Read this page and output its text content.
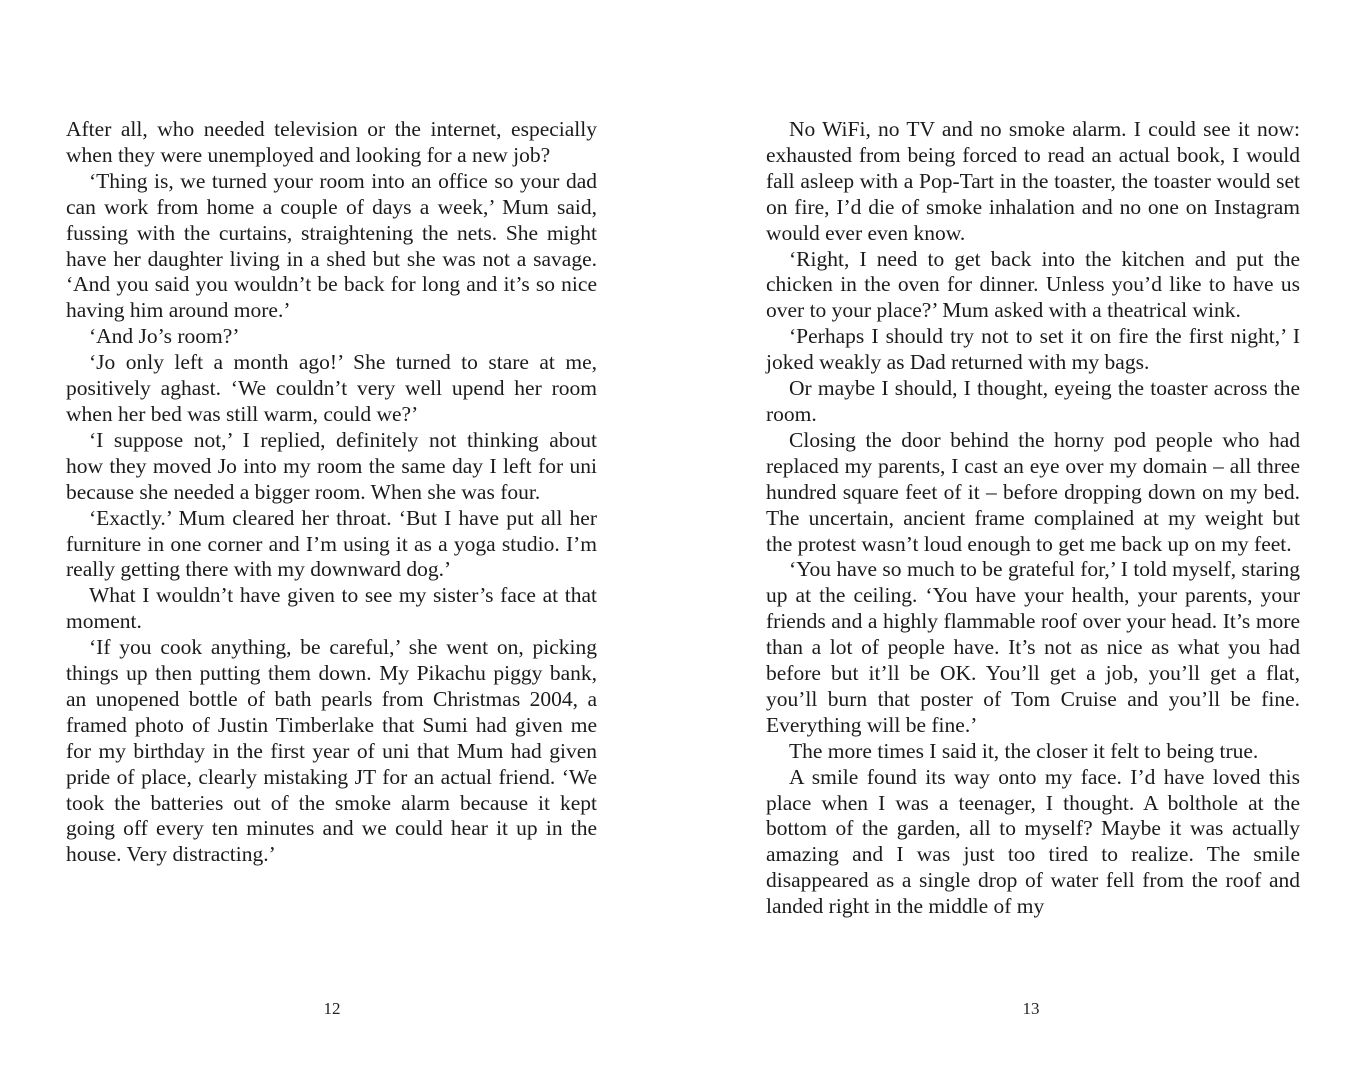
After all, who needed television or the internet, especially when they were unemployed and looking for a new job?

‘Thing is, we turned your room into an office so your dad can work from home a couple of days a week,’ Mum said, fussing with the curtains, straightening the nets. She might have her daughter living in a shed but she was not a savage. ‘And you said you wouldn’t be back for long and it’s so nice having him around more.’

‘And Jo’s room?’

‘Jo only left a month ago!’ She turned to stare at me, positively aghast. ‘We couldn’t very well upend her room when her bed was still warm, could we?’

‘I suppose not,’ I replied, definitely not thinking about how they moved Jo into my room the same day I left for uni because she needed a bigger room. When she was four.

‘Exactly.’ Mum cleared her throat. ‘But I have put all her furniture in one corner and I’m using it as a yoga studio. I’m really getting there with my downward dog.’

What I wouldn’t have given to see my sister’s face at that moment.

‘If you cook anything, be careful,’ she went on, picking things up then putting them down. My Pikachu piggy bank, an unopened bottle of bath pearls from Christmas 2004, a framed photo of Justin Timberlake that Sumi had given me for my birthday in the first year of uni that Mum had given pride of place, clearly mistaking JT for an actual friend. ‘We took the batteries out of the smoke alarm because it kept going off every ten minutes and we could hear it up in the house. Very distracting.’

12

No WiFi, no TV and no smoke alarm. I could see it now: exhausted from being forced to read an actual book, I would fall asleep with a Pop-Tart in the toaster, the toaster would set on fire, I’d die of smoke inhalation and no one on Instagram would ever even know.

‘Right, I need to get back into the kitchen and put the chicken in the oven for dinner. Unless you’d like to have us over to your place?’ Mum asked with a theatrical wink.

‘Perhaps I should try not to set it on fire the first night,’ I joked weakly as Dad returned with my bags.

Or maybe I should, I thought, eyeing the toaster across the room.

Closing the door behind the horny pod people who had replaced my parents, I cast an eye over my domain – all three hundred square feet of it – before dropping down on my bed. The uncertain, ancient frame complained at my weight but the protest wasn’t loud enough to get me back up on my feet.

‘You have so much to be grateful for,’ I told myself, staring up at the ceiling. ‘You have your health, your parents, your friends and a highly flammable roof over your head. It’s more than a lot of people have. It’s not as nice as what you had before but it’ll be OK. You’ll get a job, you’ll get a flat, you’ll burn that poster of Tom Cruise and you’ll be fine. Everything will be fine.’

The more times I said it, the closer it felt to being true.

A smile found its way onto my face. I’d have loved this place when I was a teenager, I thought. A bolthole at the bottom of the garden, all to myself? Maybe it was actually amazing and I was just too tired to realize. The smile disappeared as a single drop of water fell from the roof and landed right in the middle of my

13
